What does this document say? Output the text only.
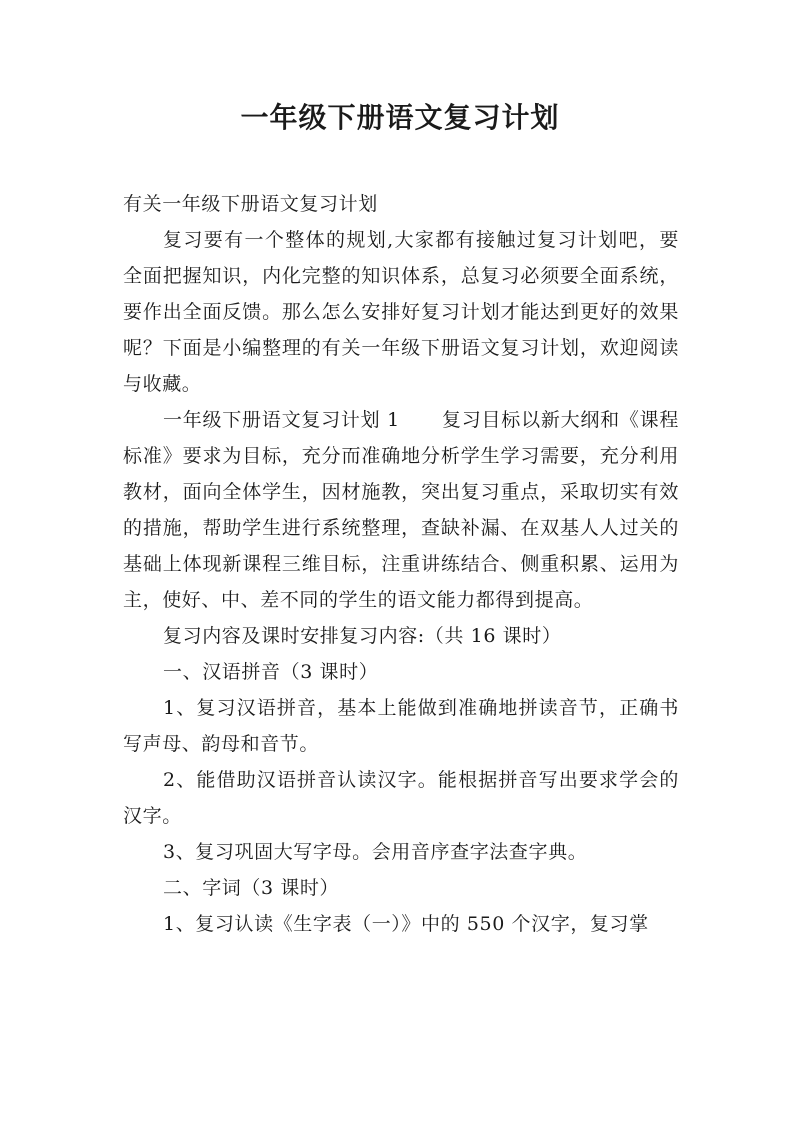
一年级下册语文复习计划

有关一年级下册语文复习计划

复习要有一个整体的规划,大家都有接触过复习计划吧，要全面把握知识，内化完整的知识体系，总复习必须要全面系统，要作出全面反馈。那么怎么安排好复习计划才能达到更好的效果呢？下面是小编整理的有关一年级下册语文复习计划，欢迎阅读与收藏。

一年级下册语文复习计划 1 复习目标以新大纲和《课程标准》要求为目标，充分而准确地分析学生学习需要，充分利用教材，面向全体学生，因材施教，突出复习重点，采取切实有效的措施，帮助学生进行系统整理，查缺补漏、在双基人人过关的基础上体现新课程三维目标，注重讲练结合、侧重积累、运用为主，使好、中、差不同的学生的语文能力都得到提高。

复习内容及课时安排复习内容:（共 16 课时）

一、汉语拼音（3 课时）

1、复习汉语拼音，基本上能做到准确地拼读音节，正确书写声母、韵母和音节。

2、能借助汉语拼音认读汉字。能根据拼音写出要求学会的汉字。

3、复习巩固大写字母。会用音序查字法查字典。

二、字词（3 课时）

1、复习认读《生字表（一）》中的 550 个汉字，复习掌
